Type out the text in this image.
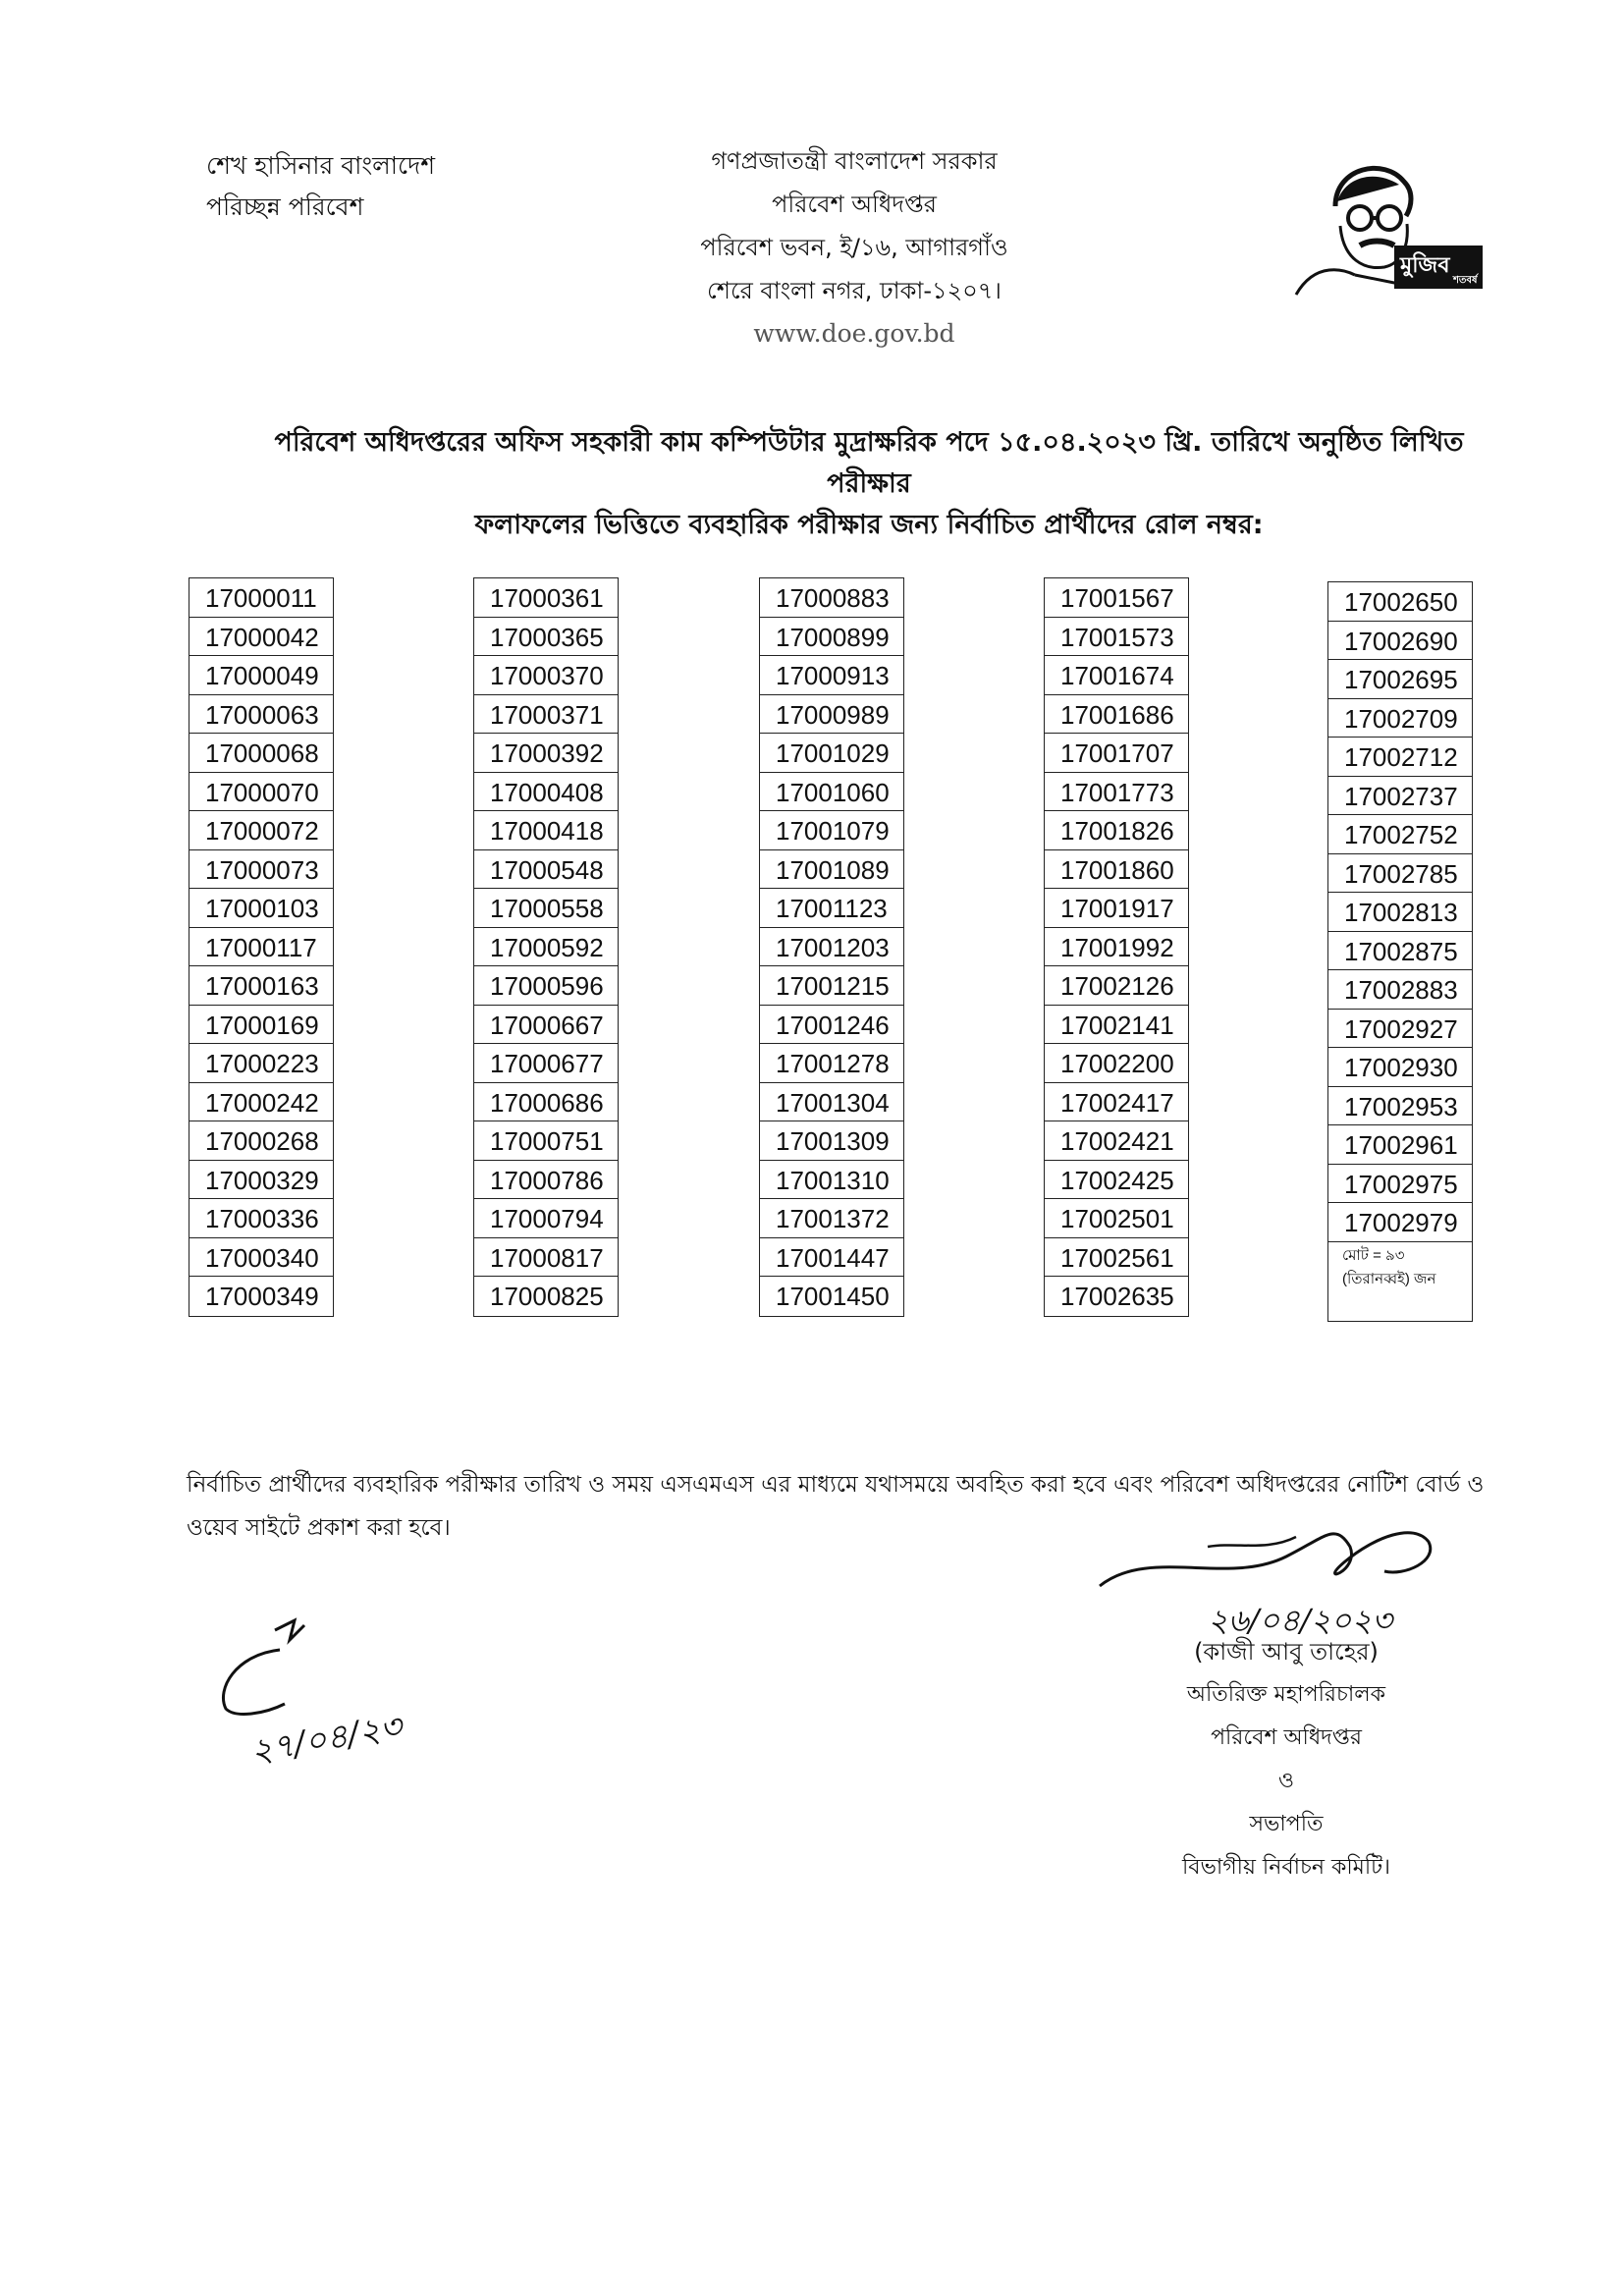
শেখ হাসিনার বাংলাদেশ
পরিচ্ছন্ন পরিবেশ
গণপ্রজাতন্ত্রী বাংলাদেশ সরকার
পরিবেশ অধিদপ্তর
পরিবেশ ভবন, ই/১৬, আগারগাঁও
শেরে বাংলা নগর, ঢাকা-১২০৭।
www.doe.gov.bd
মুজিব
শতবর্ষ
পরিবেশ অধিদপ্তরের অফিস সহকারী কাম কম্পিউটার মুদ্রাক্ষরিক পদে ১৫.০৪.২০২৩ খ্রি. তারিখে অনুষ্ঠিত লিখিত পরীক্ষার
ফলাফলের ভিত্তিতে ব্যবহারিক পরীক্ষার জন্য নির্বাচিত প্রার্থীদের রোল নম্বর:
17000011
17000042
17000049
17000063
17000068
17000070
17000072
17000073
17000103
17000117
17000163
17000169
17000223
17000242
17000268
17000329
17000336
17000340
17000349
17000361
17000365
17000370
17000371
17000392
17000408
17000418
17000548
17000558
17000592
17000596
17000667
17000677
17000686
17000751
17000786
17000794
17000817
17000825
17000883
17000899
17000913
17000989
17001029
17001060
17001079
17001089
17001123
17001203
17001215
17001246
17001278
17001304
17001309
17001310
17001372
17001447
17001450
17001567
17001573
17001674
17001686
17001707
17001773
17001826
17001860
17001917
17001992
17002126
17002141
17002200
17002417
17002421
17002425
17002501
17002561
17002635
17002650
17002690
17002695
17002709
17002712
17002737
17002752
17002785
17002813
17002875
17002883
17002927
17002930
17002953
17002961
17002975
17002979
মোট = ৯৩
(তিরানব্বই) জন
নির্বাচিত প্রার্থীদের ব্যবহারিক পরীক্ষার তারিখ ও সময় এসএমএস এর মাধ্যমে যথাসময়ে অবহিত করা হবে এবং পরিবেশ অধিদপ্তরের নোটিশ বোর্ড ও ওয়েব সাইটে প্রকাশ করা হবে।
২৬/০৪/২০২৩
(কাজী আবু তাহের)
অতিরিক্ত মহাপরিচালক
পরিবেশ অধিদপ্তর
ও
সভাপতি
বিভাগীয় নির্বাচন কমিটি।
২৭/০৪/২৩
